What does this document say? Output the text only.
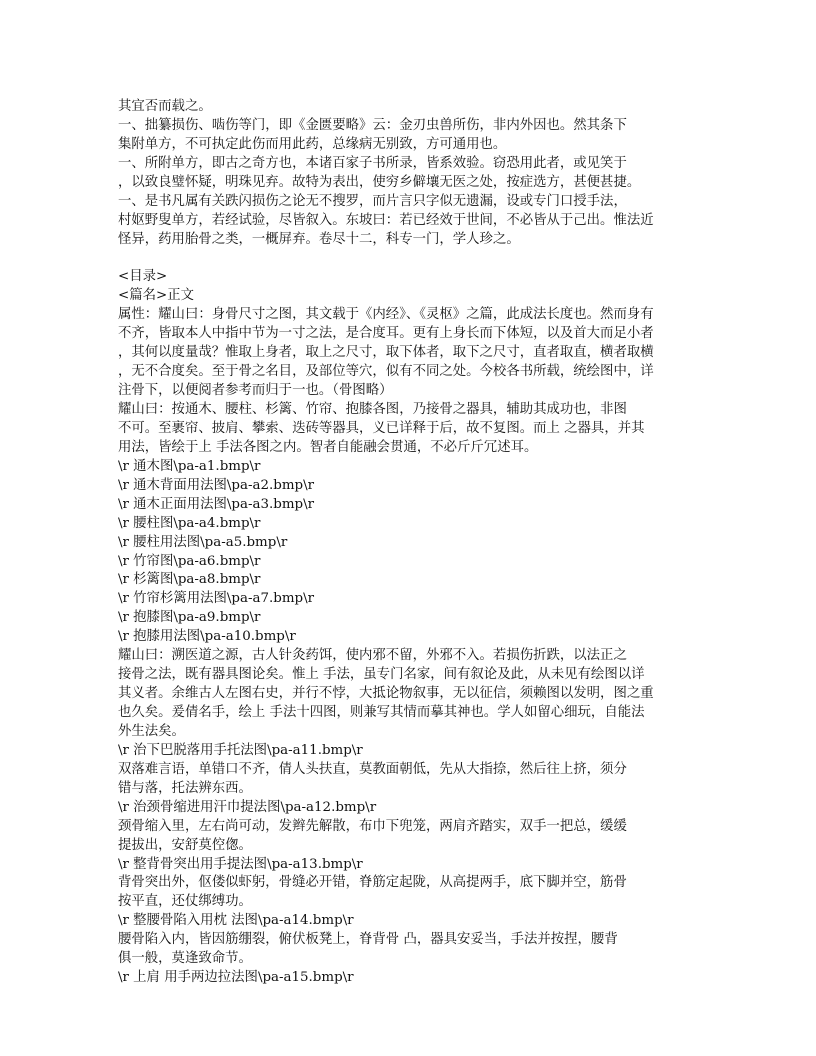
其宜否而载之。
一、拙纂损伤、啮伤等门，即《金匮要略》云：金刃虫兽所伤，非内外因也。然其条下
集附单方，不可执定此伤而用此药，总缘病无别致，方可通用也。
一、所附单方，即古之奇方也，本诸百家子书所录，皆系效验。窃恐用此者，或见笑于
，以致良璧怀疑，明珠见弃。故特为表出，使穷乡僻壤无医之处，按症选方，甚便甚捷。
一、是书凡属有关跌闪损伤之论无不搜罗，而片言只字似无遗漏，设或专门口授手法，
村妪野叟单方，若经试验，尽皆叙入。东坡曰：若已经效于世间，不必皆从于己出。惟法近
怪异，药用胎骨之类，一概屏弃。卷尽十二，科专一门，学人珍之。
<目录>
<篇名>正文
属性：耀山曰：身骨尺寸之图，其文载于《内经》、《灵枢》之篇，此成法长度也。然而身有
不齐，皆取本人中指中节为一寸之法，是合度耳。更有上身长而下体短，以及首大而足小者
，其何以度量哉？惟取上身者，取上之尺寸，取下体者，取下之尺寸，直者取直，横者取横
，无不合度矣。至于骨之名目，及部位等穴，似有不同之处。今校各书所载，统绘图中，详
注骨下，以便阅者参考而归于一也。（骨图略）
耀山曰：按通木、腰柱、杉篱、竹帘、抱膝各图，乃接骨之器具，辅助其成功也，非图
不可。至裹帘、披肩、攀索、迭砖等器具，义已详释于后，故不复图。而上 之器具，并其
用法，皆绘于上 手法各图之内。智者自能融会贯通，不必斤斤冗述耳。
\r 通木图\pa-a1.bmp\r
\r 通木背面用法图\pa-a2.bmp\r
\r 通木正面用法图\pa-a3.bmp\r
\r 腰柱图\pa-a4.bmp\r
\r 腰柱用法图\pa-a5.bmp\r
\r 竹帘图\pa-a6.bmp\r
\r 杉篱图\pa-a8.bmp\r
\r 竹帘杉篱用法图\pa-a7.bmp\r
\r 抱膝图\pa-a9.bmp\r
\r 抱膝用法图\pa-a10.bmp\r
耀山曰：溯医道之源，古人针灸药饵，使内邪不留，外邪不入。若损伤折跌，以法正之
接骨之法，既有器具图论矣。惟上 手法，虽专门名家，间有叙论及此，从未见有绘图以详
其义者。余维古人左图右史，并行不悖，大抵论物叙事，无以征信，须赖图以发明，图之重
也久矣。爰倩名手，绘上 手法十四图，则兼写其情而摹其神也。学人如留心细玩，自能法
外生法矣。
\r 治下巴脱落用手托法图\pa-a11.bmp\r
双落难言语，单错口不齐，倩人头扶直，莫教面朝低，先从大指捺，然后往上挤，须分
错与落，托法辨东西。
\r 治颈骨缩进用汗巾提法图\pa-a12.bmp\r
颈骨缩入里，左右尚可动，发辫先解散，布巾下兜笼，两肩齐踏实，双手一把总，缓缓
提拔出，安舒莫倥偬。
\r 整背骨突出用手提法图\pa-a13.bmp\r
背骨突出外，伛偻似虾躬，骨缝必开错，脊筋定起陇，从高提两手，底下脚并空，筋骨
按平直，还仗绑缚功。
\r 整腰骨陷入用枕 法图\pa-a14.bmp\r
腰骨陷入内，皆因筋绷裂，俯伏板凳上，脊背骨 凸，器具安妥当，手法并按捏，腰背
俱一般，莫逢致命节。
\r 上肩 用手两边拉法图\pa-a15.bmp\r
